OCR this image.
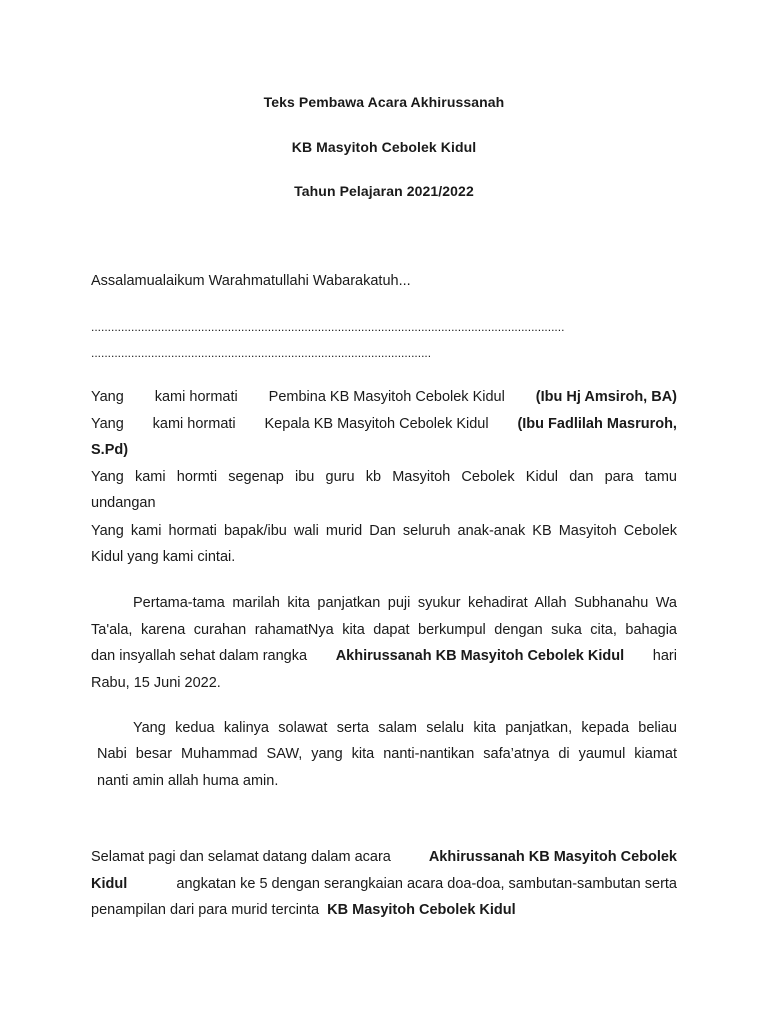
Teks Pembawa Acara Akhirussanah
KB Masyitoh Cebolek Kidul
Tahun Pelajaran 2021/2022
Assalamualaikum Warahmatullahi Wabarakatuh...
..............................................................................................................................................
......................................................................................................
Yang kami hormati Pembina KB Masyitoh Cebolek Kidul (Ibu Hj Amsiroh, BA)
Yang kami hormati Kepala KB Masyitoh Cebolek Kidul (Ibu Fadlilah Masruroh,
S.Pd)
Yang kami hormti segenap ibu guru kb Masyitoh Cebolek Kidul dan para tamu
undangan
Yang kami hormati bapak/ibu wali murid Dan seluruh anak-anak KB Masyitoh Cebolek
Kidul yang kami cintai.
Pertama-tama marilah kita panjatkan puji syukur kehadirat Allah Subhanahu Wa
Ta'ala, karena curahan rahamatNya kita dapat berkumpul dengan suka cita, bahagia
dan insyallah sehat dalam rangka Akhirussanah KB Masyitoh Cebolek Kidul hari
Rabu, 15 Juni 2022.
Yang kedua kalinya solawat serta salam selalu kita panjatkan, kepada beliau
Nabi besar Muhammad SAW, yang kita nanti-nantikan safa’atnya di yaumul kiamat
nanti amin allah huma amin.
Selamat pagi dan selamat datang dalam acara	Akhirussanah KB Masyitoh Cebolek
Kidul	angkatan ke 5 dengan serangkaian acara doa-doa, sambutan-sambutan serta
penampilan dari para murid tercinta KB Masyitoh Cebolek Kidul
